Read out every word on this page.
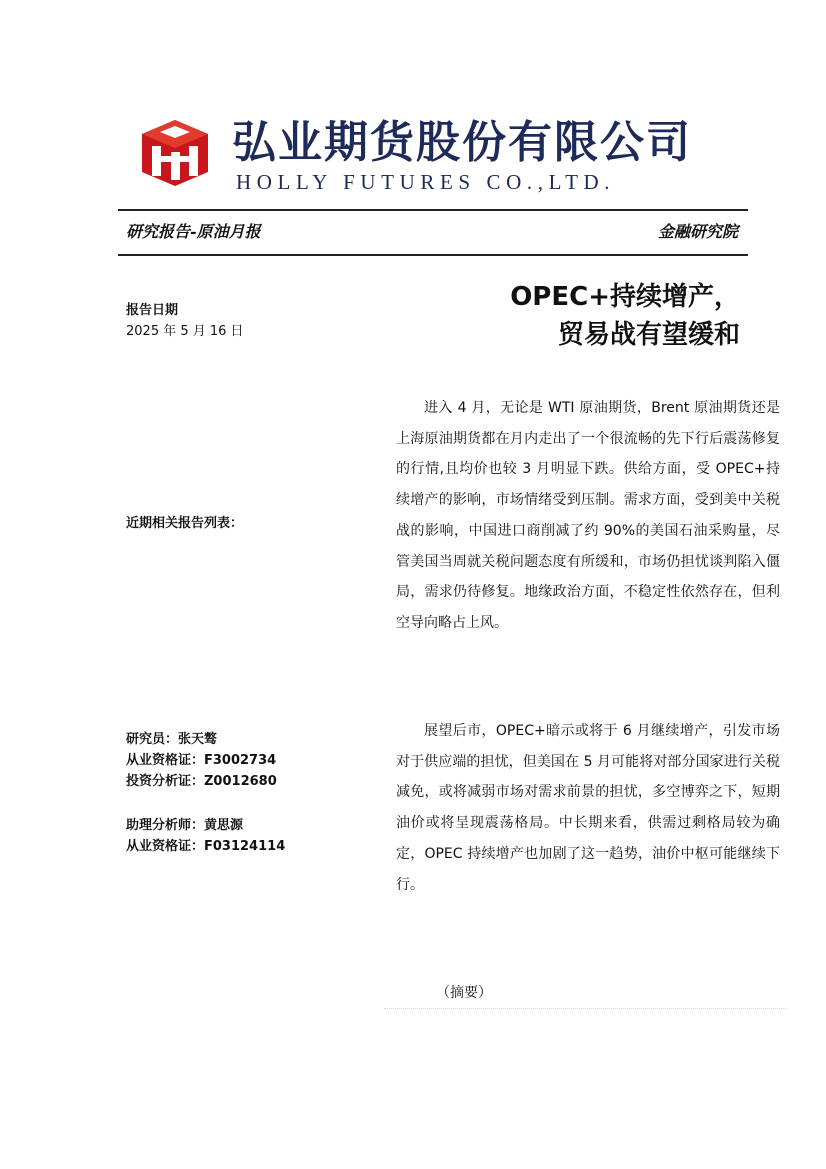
弘业期货股份有限公司
HOLLY FUTURES CO.,LTD.
研究报告-原油月报	金融研究院
OPEC+持续增产，
贸易战有望缓和
报告日期
2025 年 5 月 16 日
近期相关报告列表：
研究员：张天骜
从业资格证：F3002734
投资分析证：Z0012680
助理分析师：黄思源
从业资格证：F03124114
进入 4 月，无论是 WTI 原油期货，Brent 原油期货还是上海原油期货都在月内走出了一个很流畅的先下行后震荡修复的行情,且均价也较 3 月明显下跌。供给方面，受 OPEC+持续增产的影响，市场情绪受到压制。需求方面，受到美中关税战的影响，中国进口商削减了约 90%的美国石油采购量，尽管美国当周就关税问题态度有所缓和，市场仍担忧谈判陷入僵局，需求仍待修复。地缘政治方面，不稳定性依然存在，但利空导向略占上风。
展望后市，OPEC+暗示或将于 6 月继续增产，引发市场对于供应端的担忧，但美国在 5 月可能将对部分国家进行关税减免，或将减弱市场对需求前景的担忧，多空博弈之下，短期油价或将呈现震荡格局。中长期来看，供需过剩格局较为确定，OPEC 持续增产也加剧了这一趋势，油价中枢可能继续下行。
（摘要）
